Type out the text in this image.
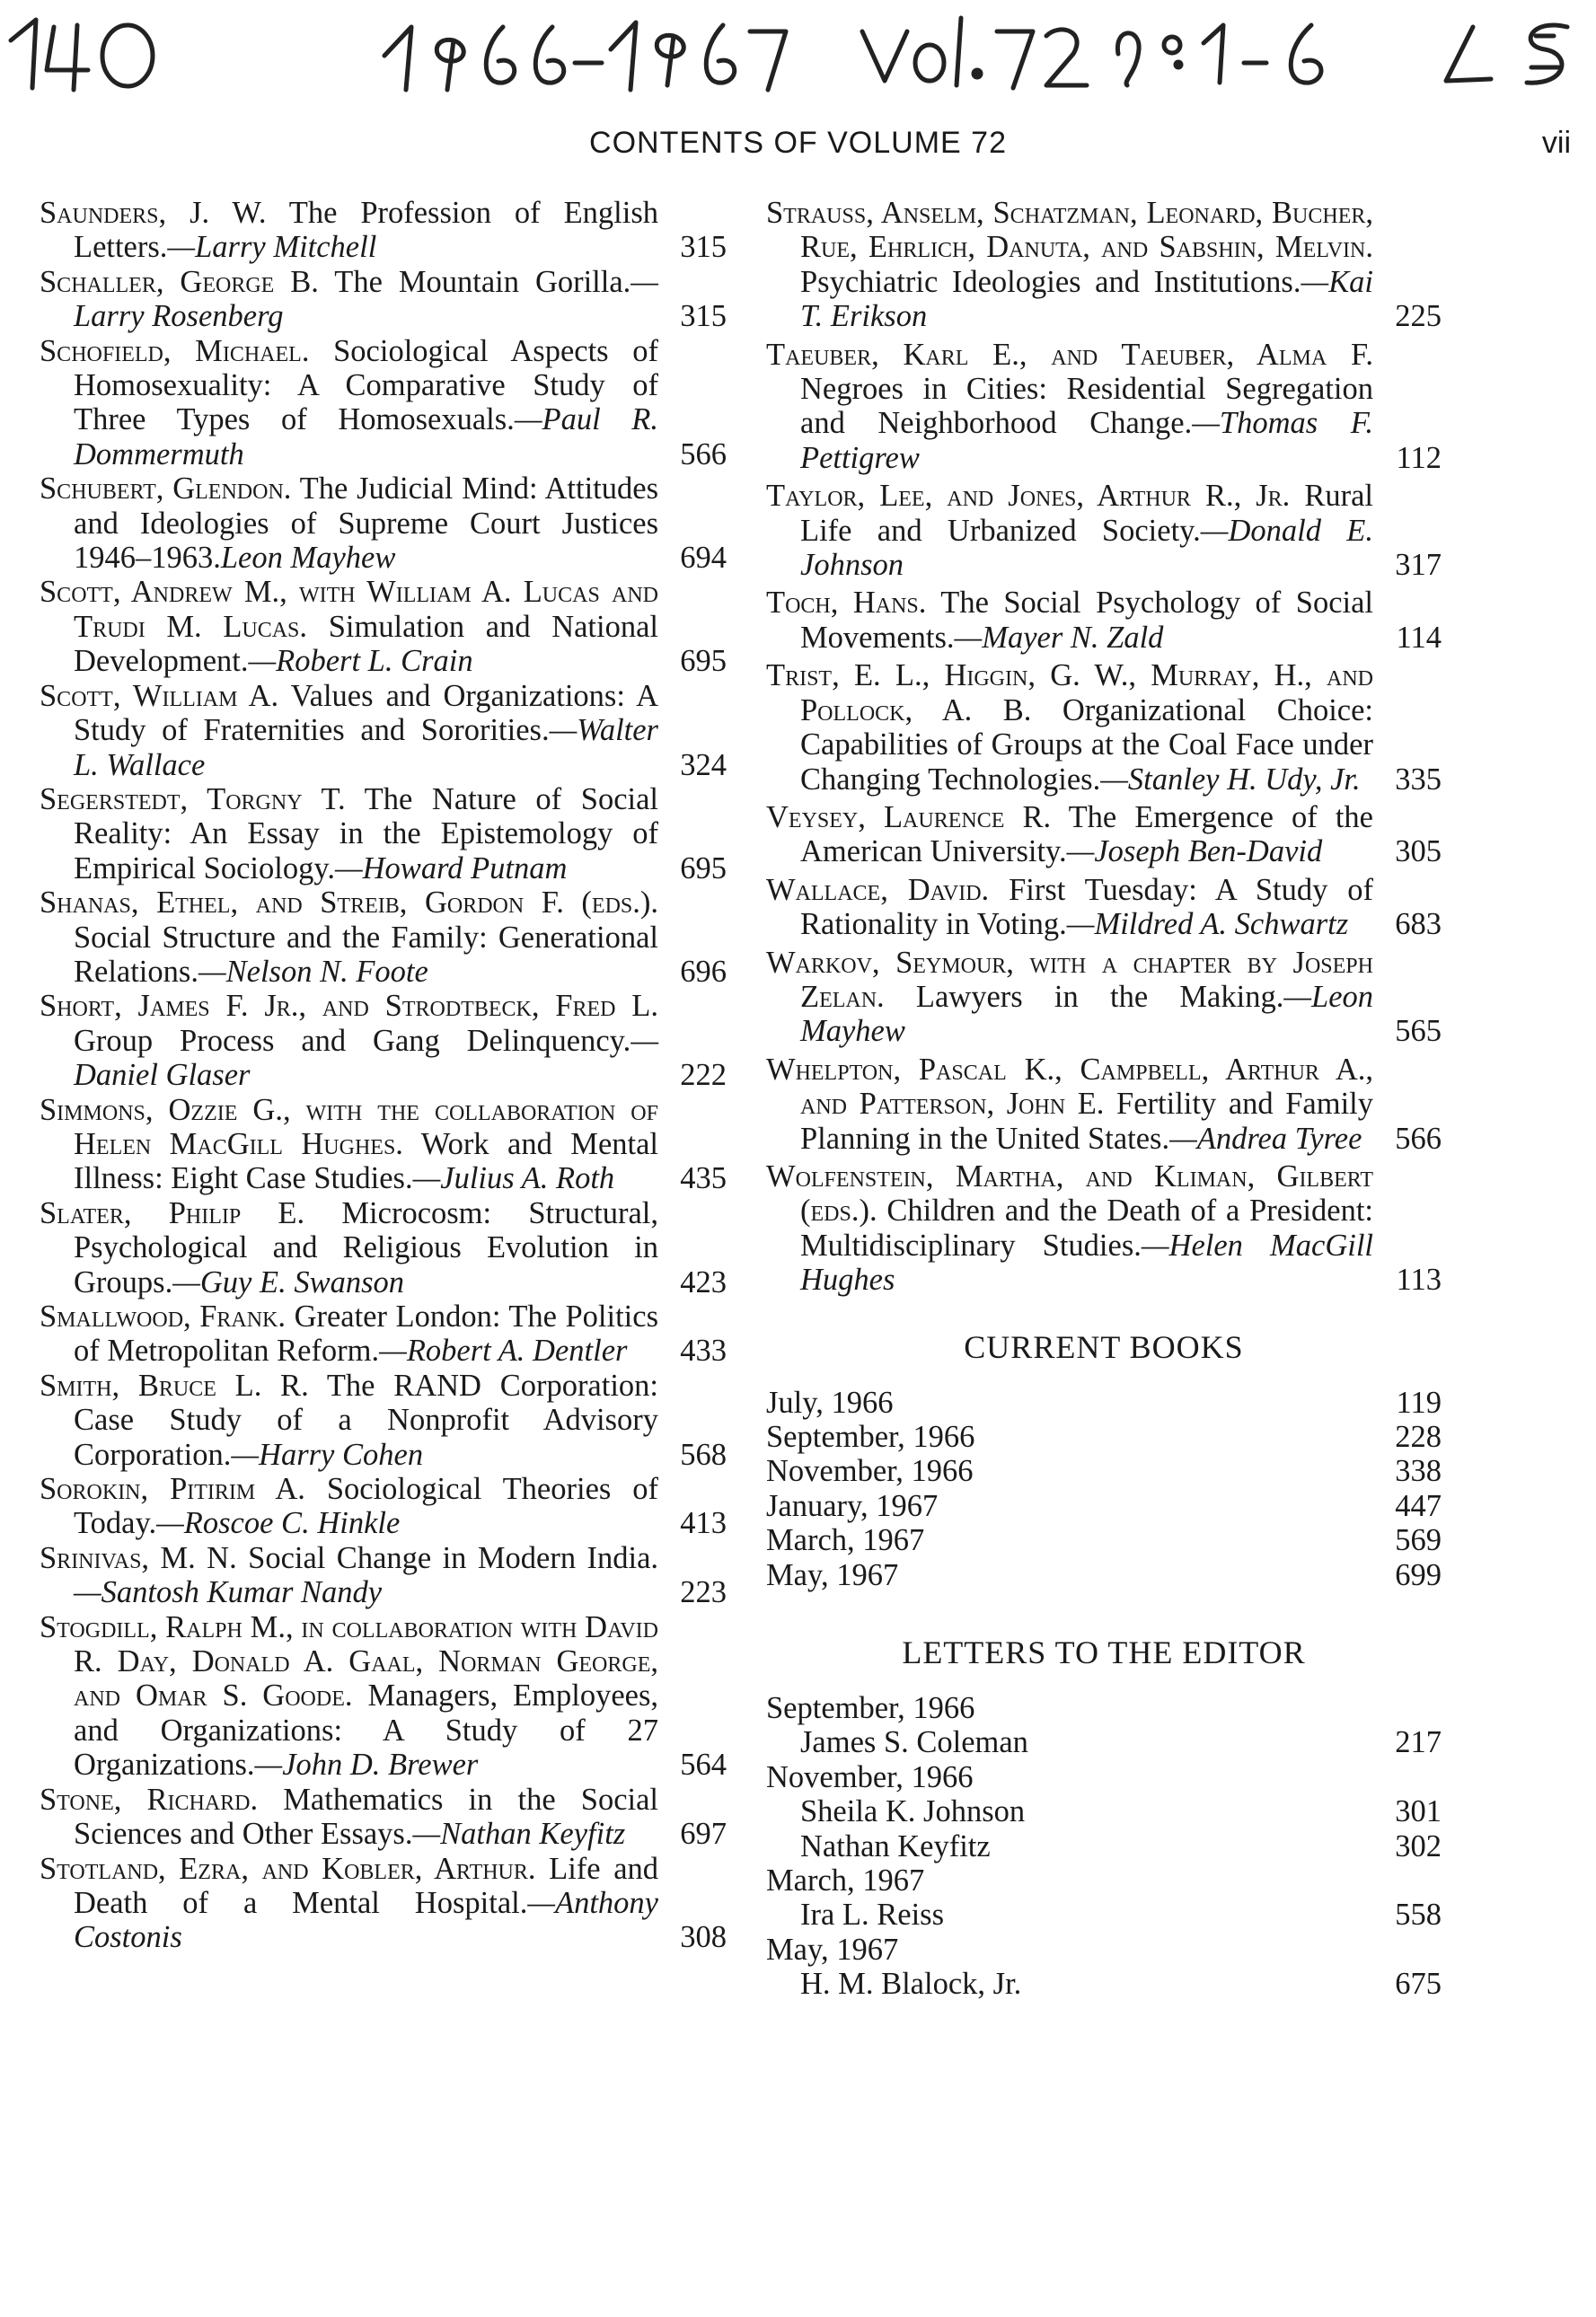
CONTENTS OF VOLUME 72	vii
Saunders, J. W. The Profession of English Letters.—Larry Mitchell	315
Schaller, George B. The Mountain Gorilla.—Larry Rosenberg	315
Schofield, Michael. Sociological Aspects of Homosexuality: A Comparative Study of Three Types of Homosexuals.—Paul R. Dommermuth	566
Schubert, Glendon. The Judicial Mind: Attitudes and Ideologies of Supreme Court Justices 1946–1963.Leon Mayhew	694
Scott, Andrew M., with William A. Lucas and Trudi M. Lucas. Simulation and National Development.—Robert L. Crain	695
Scott, William A. Values and Organizations: A Study of Fraternities and Sororities.—Walter L. Wallace	324
Segerstedt, Torgny T. The Nature of Social Reality: An Essay in the Epistemology of Empirical Sociology.—Howard Putnam	695
Shanas, Ethel, and Streib, Gordon F. (eds.). Social Structure and the Family: Generational Relations.—Nelson N. Foote	696
Short, James F. Jr., and Strodtbeck, Fred L. Group Process and Gang Delinquency.—Daniel Glaser	222
Simmons, Ozzie G., with the collaboration of Helen MacGill Hughes. Work and Mental Illness: Eight Case Studies.—Julius A. Roth	435
Slater, Philip E. Microcosm: Structural, Psychological and Religious Evolution in Groups.—Guy E. Swanson	423
Smallwood, Frank. Greater London: The Politics of Metropolitan Reform.—Robert A. Dentler	433
Smith, Bruce L. R. The RAND Corporation: Case Study of a Nonprofit Advisory Corporation.—Harry Cohen	568
Sorokin, Pitirim A. Sociological Theories of Today.—Roscoe C. Hinkle	413
Srinivas, M. N. Social Change in Modern India.—Santosh Kumar Nandy	223
Stogdill, Ralph M., in collaboration with David R. Day, Donald A. Gaal, Norman George, and Omar S. Goode. Managers, Employees, and Organizations: A Study of 27 Organizations.—John D. Brewer	564
Stone, Richard. Mathematics in the Social Sciences and Other Essays.—Nathan Keyfitz	697
Stotland, Ezra, and Kobler, Arthur. Life and Death of a Mental Hospital.—Anthony Costonis	308
Strauss, Anselm, Schatzman, Leonard, Bucher, Rue, Ehrlich, Danuta, and Sabshin, Melvin. Psychiatric Ideologies and Institutions.—Kai T. Erikson	225
Taeuber, Karl E., and Taeuber, Alma F. Negroes in Cities: Residential Segregation and Neighborhood Change.—Thomas F. Pettigrew	112
Taylor, Lee, and Jones, Arthur R., Jr. Rural Life and Urbanized Society.—Donald E. Johnson	317
Toch, Hans. The Social Psychology of Social Movements.—Mayer N. Zald	114
Trist, E. L., Higgin, G. W., Murray, H., and Pollock, A. B. Organizational Choice: Capabilities of Groups at the Coal Face under Changing Technologies.—Stanley H. Udy, Jr.	335
Veysey, Laurence R. The Emergence of the American University.—Joseph Ben-David	305
Wallace, David. First Tuesday: A Study of Rationality in Voting.—Mildred A. Schwartz	683
Warkov, Seymour, with a chapter by Joseph Zelan. Lawyers in the Making.—Leon Mayhew	565
Whelpton, Pascal K., Campbell, Arthur A., and Patterson, John E. Fertility and Family Planning in the United States.—Andrea Tyree	566
Wolfenstein, Martha, and Kliman, Gilbert (eds.). Children and the Death of a President: Multidisciplinary Studies.—Helen MacGill Hughes	113
CURRENT BOOKS
July, 1966	119
September, 1966	228
November, 1966	338
January, 1967	447
March, 1967	569
May, 1967	699
LETTERS TO THE EDITOR
September, 1966
James S. Coleman	217
November, 1966
Sheila K. Johnson	301
Nathan Keyfitz	302
March, 1967
Ira L. Reiss	558
May, 1967
H. M. Blalock, Jr.	675
